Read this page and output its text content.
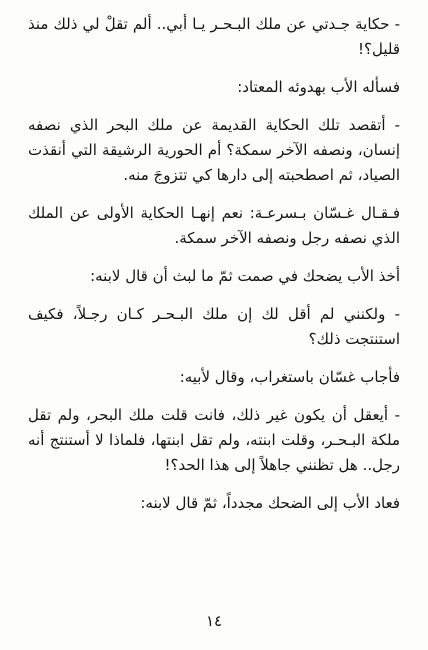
- حكاية جـدتي عن ملك البـحـر يـا أبي.. ألم تقلْ لي ذلك منذ قليل؟!

فسأله الأب بهدوئه المعتاد:

- أتقصد تلك الحكاية القديمة عن ملك البحر الذي نصفه إنسان، ونصفه الآخر سمكة؟ أم الحورية الرشيقة التي أنقذت الصياد، ثم اصطحبته إلى دارها كي تتزوجَ منه.

فـقـال غـسّان بـسرعـة: نعم إنهـا الحكاية الأولى عن الملك الذي نصفه رجل ونصفه الآخر سمكة.

أخذ الأب يضحك في صمت ثمّ ما لبث أن قال لابنه:

- ولكنني لم أقل لك إن ملك البـحـر كـان رجـلاً، فكيف استنتجت ذلك؟

فأجاب غسّان باستغراب، وقال لأبيه:

- أيعقل أن يكون غير ذلك، فانت قلت ملك البحر، ولم تقل ملكة البـحـر، وقلت ابنته، ولم تقل ابنتها، فلماذا لا أستنتج أنه رجل.. هل تظنني جاهلاً إلى هذا الحد؟!

فعاد الأب إلى الضحك مجدداً، ثمّ قال لابنه:

١٤
